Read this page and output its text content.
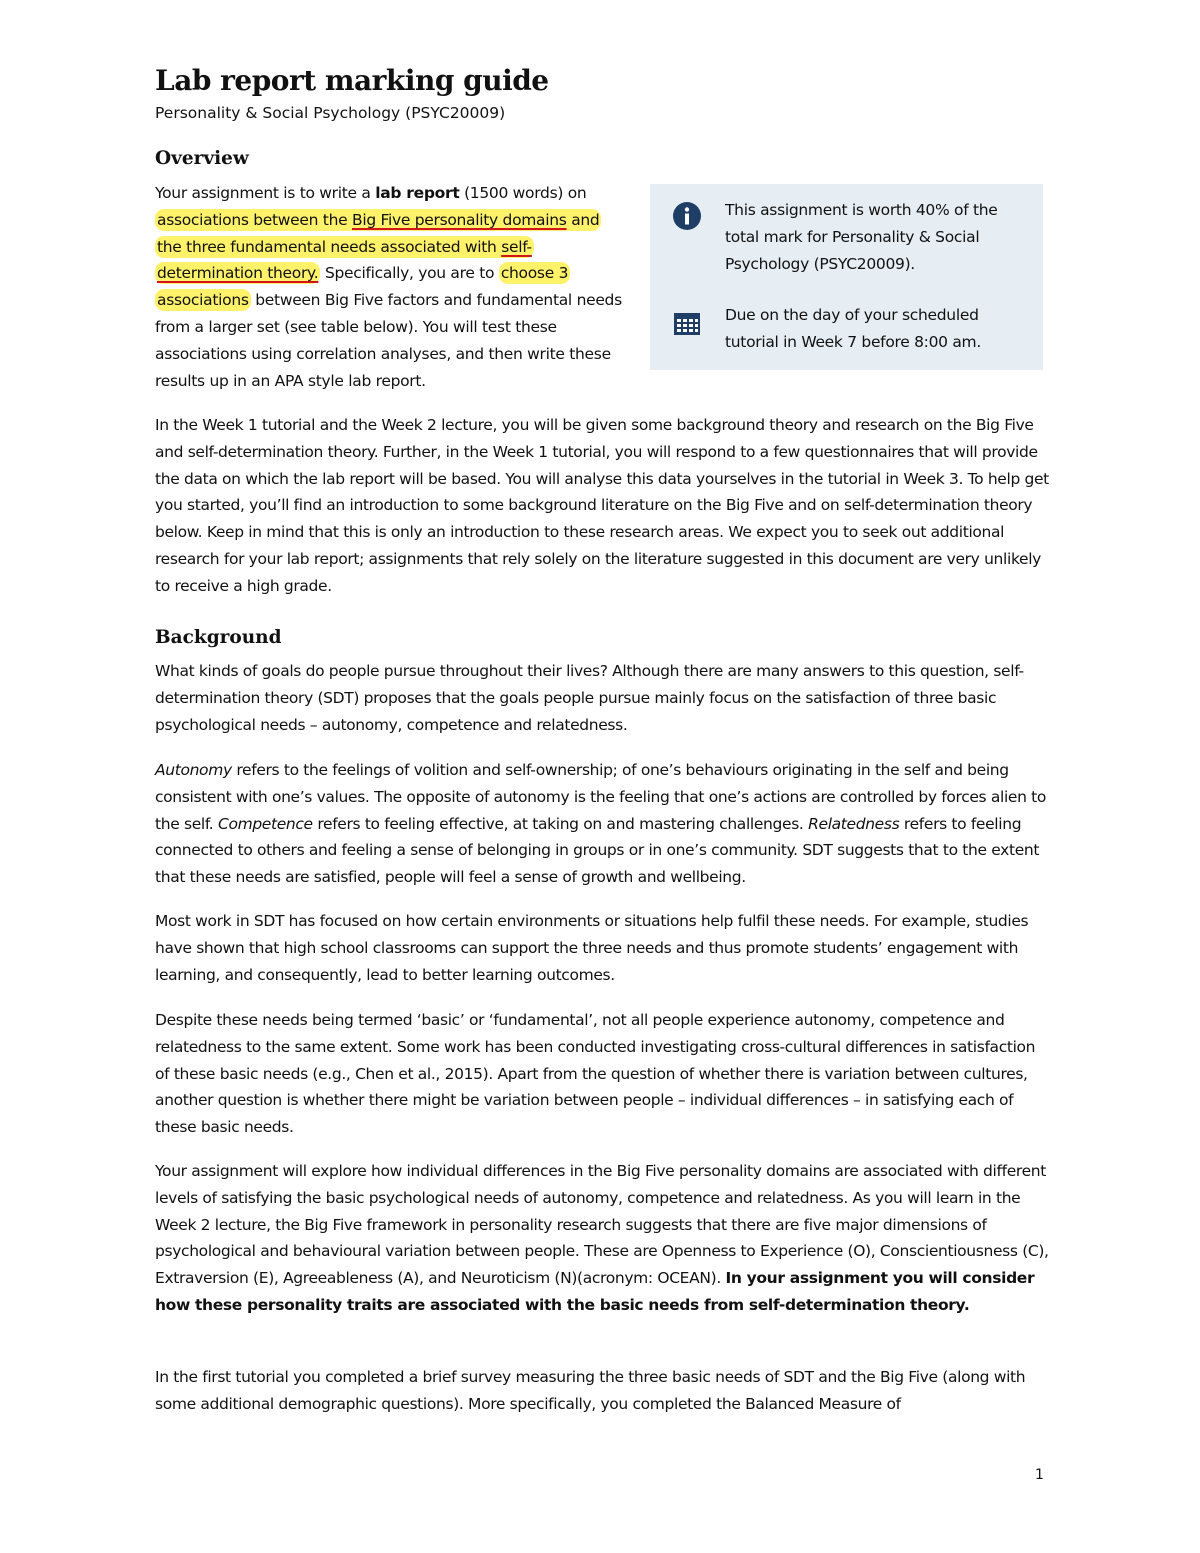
Lab report marking guide
Personality & Social Psychology (PSYC20009)
Overview

Your assignment is to write a lab report (1500 words) on
associations between the Big Five personality domains and
the three fundamental needs associated with self-
determination theory. Specifically, you are to choose 3
associations between Big Five factors and fundamental needs from a larger set (see table below). You will test these associations using correlation analyses, and then write these results up in an APA style lab report.

This assignment is worth 40% of the total mark for Personality & Social Psychology (PSYC20009).
Due on the day of your scheduled tutorial in Week 7 before 8:00 am.

In the Week 1 tutorial and the Week 2 lecture, you will be given some background theory and research on the Big Five and self-determination theory. Further, in the Week 1 tutorial, you will respond to a few questionnaires that will provide the data on which the lab report will be based. You will analyse this data yourselves in the tutorial in Week 3. To help get you started, you’ll find an introduction to some background literature on the Big Five and on self-determination theory below. Keep in mind that this is only an introduction to these research areas. We expect you to seek out additional research for your lab report; assignments that rely solely on the literature suggested in this document are very unlikely to receive a high grade.

Background

What kinds of goals do people pursue throughout their lives? Although there are many answers to this question, self-determination theory (SDT) proposes that the goals people pursue mainly focus on the satisfaction of three basic psychological needs – autonomy, competence and relatedness.

Autonomy refers to the feelings of volition and self-ownership; of one’s behaviours originating in the self and being consistent with one’s values. The opposite of autonomy is the feeling that one’s actions are controlled by forces alien to the self. Competence refers to feeling effective, at taking on and mastering challenges. Relatedness refers to feeling connected to others and feeling a sense of belonging in groups or in one’s community. SDT suggests that to the extent that these needs are satisfied, people will feel a sense of growth and wellbeing.

Most work in SDT has focused on how certain environments or situations help fulfil these needs. For example, studies have shown that high school classrooms can support the three needs and thus promote students’ engagement with learning, and consequently, lead to better learning outcomes.

Despite these needs being termed ‘basic’ or ‘fundamental’, not all people experience autonomy, competence and relatedness to the same extent. Some work has been conducted investigating cross-cultural differences in satisfaction of these basic needs (e.g., Chen et al., 2015). Apart from the question of whether there is variation between cultures, another question is whether there might be variation between people – individual differences – in satisfying each of these basic needs.

Your assignment will explore how individual differences in the Big Five personality domains are associated with different levels of satisfying the basic psychological needs of autonomy, competence and relatedness. As you will learn in the Week 2 lecture, the Big Five framework in personality research suggests that there are five major dimensions of psychological and behavioural variation between people. These are Openness to Experience (O), Conscientiousness (C), Extraversion (E), Agreeableness (A), and Neuroticism (N)(acronym: OCEAN). In your assignment you will consider how these personality traits are associated with the basic needs from self-determination theory.

In the first tutorial you completed a brief survey measuring the three basic needs of SDT and the Big Five (along with some additional demographic questions). More specifically, you completed the Balanced Measure of

1
